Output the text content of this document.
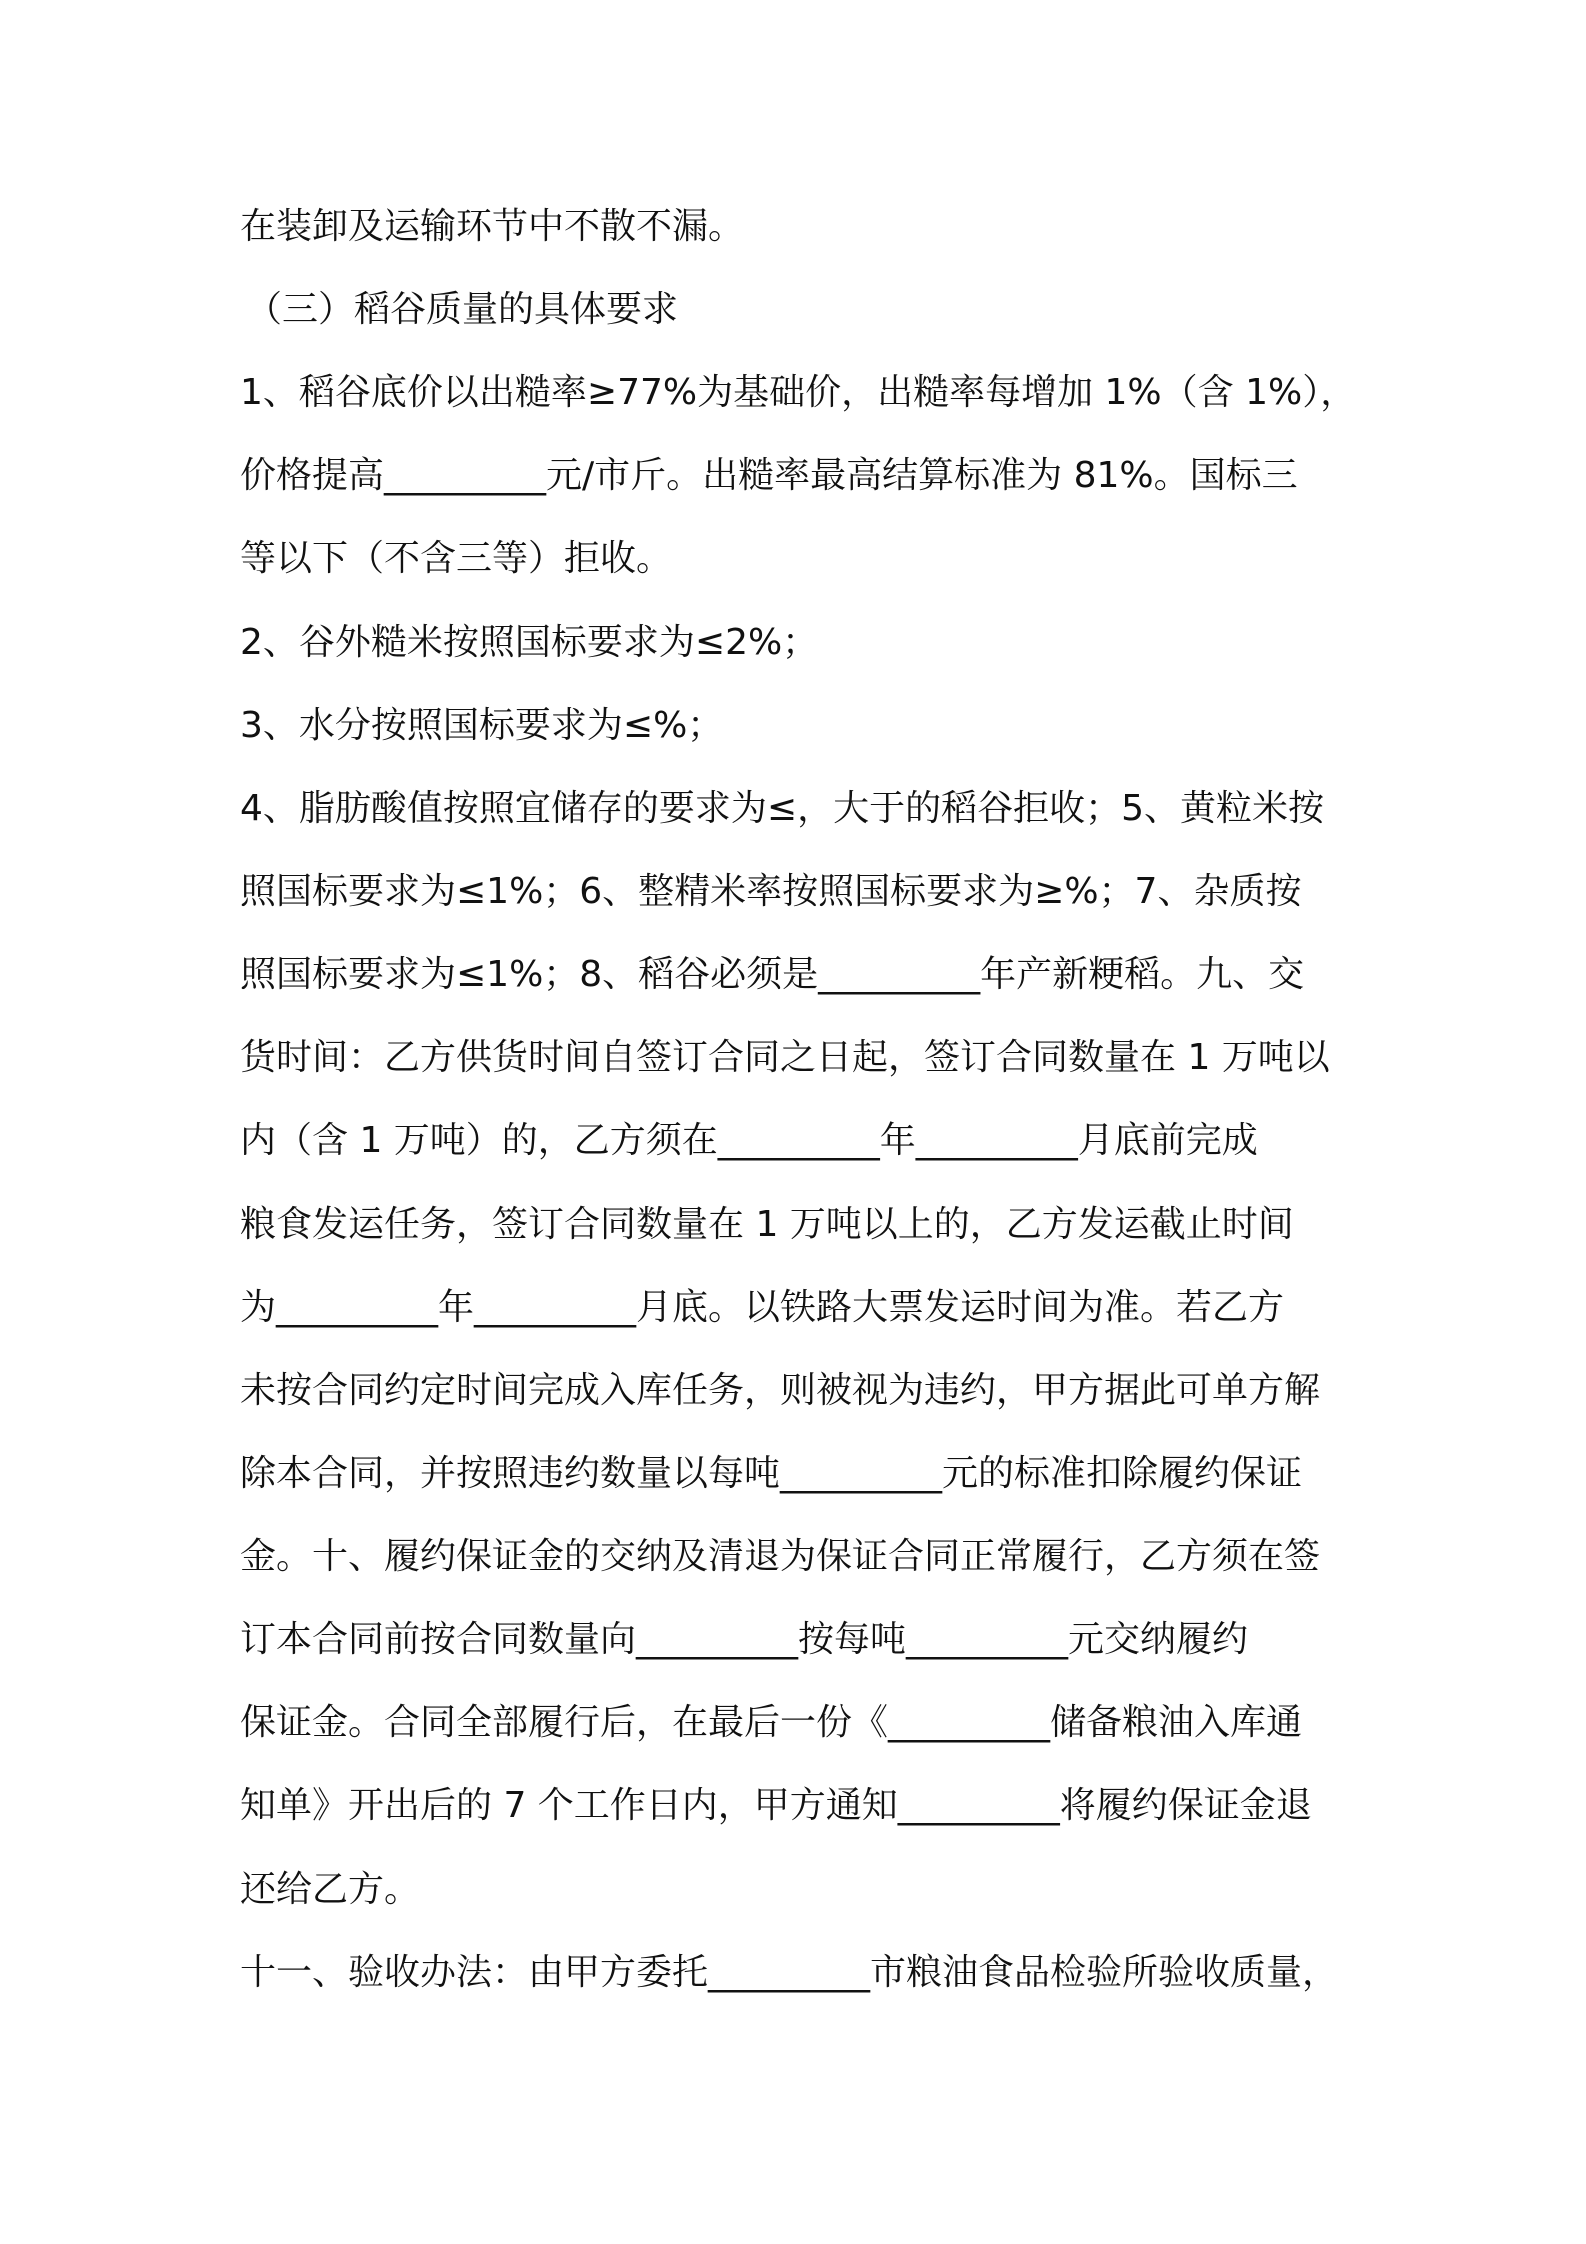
在装卸及运输环节中不散不漏。
（三）稻谷质量的具体要求
1、稻谷底价以出糙率≥77%为基础价，出糙率每增加 1%（含 1%），
价格提高_________元/市斤。出糙率最高结算标准为 81%。国标三
等以下（不含三等）拒收。
2、谷外糙米按照国标要求为≤2%；
3、水分按照国标要求为≤%；
4、脂肪酸值按照宜储存的要求为≤，大于的稻谷拒收；5、黄粒米按
照国标要求为≤1%；6、整精米率按照国标要求为≥%；7、杂质按
照国标要求为≤1%；8、稻谷必须是_________年产新粳稻。九、交
货时间：乙方供货时间自签订合同之日起，签订合同数量在 1 万吨以
内（含 1 万吨）的，乙方须在_________年_________月底前完成
粮食发运任务，签订合同数量在 1 万吨以上的，乙方发运截止时间
为_________年_________月底。以铁路大票发运时间为准。若乙方
未按合同约定时间完成入库任务，则被视为违约，甲方据此可单方解
除本合同，并按照违约数量以每吨_________元的标准扣除履约保证
金。十、履约保证金的交纳及清退为保证合同正常履行，乙方须在签
订本合同前按合同数量向_________按每吨_________元交纳履约
保证金。合同全部履行后，在最后一份《_________储备粮油入库通
知单》开出后的 7 个工作日内，甲方通知_________将履约保证金退
还给乙方。
十一、验收办法：由甲方委托_________市粮油食品检验所验收质量，
